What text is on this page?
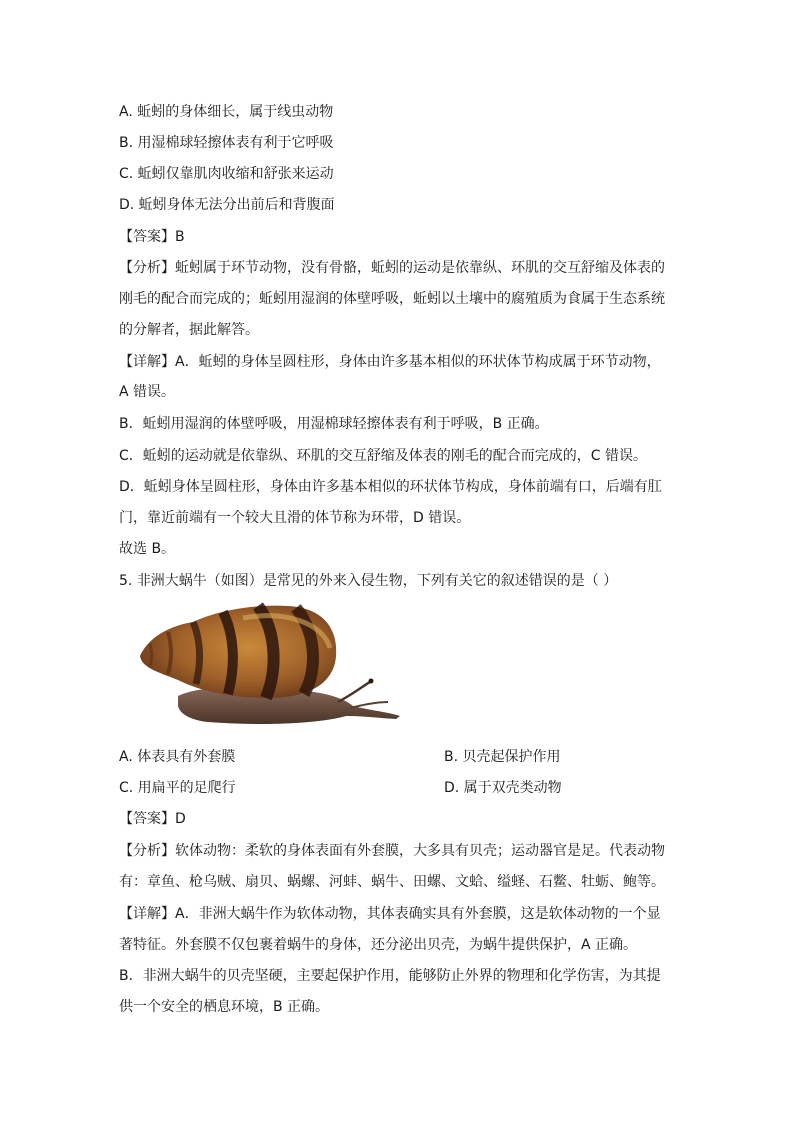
A. 蚯蚓的身体细长，属于线虫动物
B. 用湿棉球轻擦体表有利于它呼吸
C. 蚯蚓仅靠肌肉收缩和舒张来运动
D. 蚯蚓身体无法分出前后和背腹面
【答案】B
【分析】蚯蚓属于环节动物，没有骨骼，蚯蚓的运动是依靠纵、环肌的交互舒缩及体表的
刚毛的配合而完成的；蚯蚓用湿润的体壁呼吸，蚯蚓以土壤中的腐殖质为食属于生态系统
的分解者，据此解答。
【详解】A．蚯蚓的身体呈圆柱形，身体由许多基本相似的环状体节构成属于环节动物，
A 错误。
B．蚯蚓用湿润的体壁呼吸，用湿棉球轻擦体表有利于呼吸，B 正确。
C．蚯蚓的运动就是依靠纵、环肌的交互舒缩及体表的刚毛的配合而完成的，C 错误。
D．蚯蚓身体呈圆柱形，身体由许多基本相似的环状体节构成，身体前端有口，后端有肛
门，靠近前端有一个较大且滑的体节称为环带，D 错误。
故选 B。
5. 非洲大蜗牛（如图）是常见的外来入侵生物，下列有关它的叙述错误的是（ ）
A. 体表具有外套膜	B. 贝壳起保护作用
C. 用扁平的足爬行	D. 属于双壳类动物
【答案】D
【分析】软体动物：柔软的身体表面有外套膜，大多具有贝壳；运动器官是足。代表动物
有：章鱼、枪乌贼、扇贝、蜗螺、河蚌、蜗牛、田螺、文蛤、缢蛏、石鳖、牡蛎、鲍等。
【详解】A．非洲大蜗牛作为软体动物，其体表确实具有外套膜，这是软体动物的一个显
著特征。外套膜不仅包裹着蜗牛的身体，还分泌出贝壳，为蜗牛提供保护，A 正确。
B．非洲大蜗牛的贝壳坚硬，主要起保护作用，能够防止外界的物理和化学伤害，为其提
供一个安全的栖息环境，B 正确。
